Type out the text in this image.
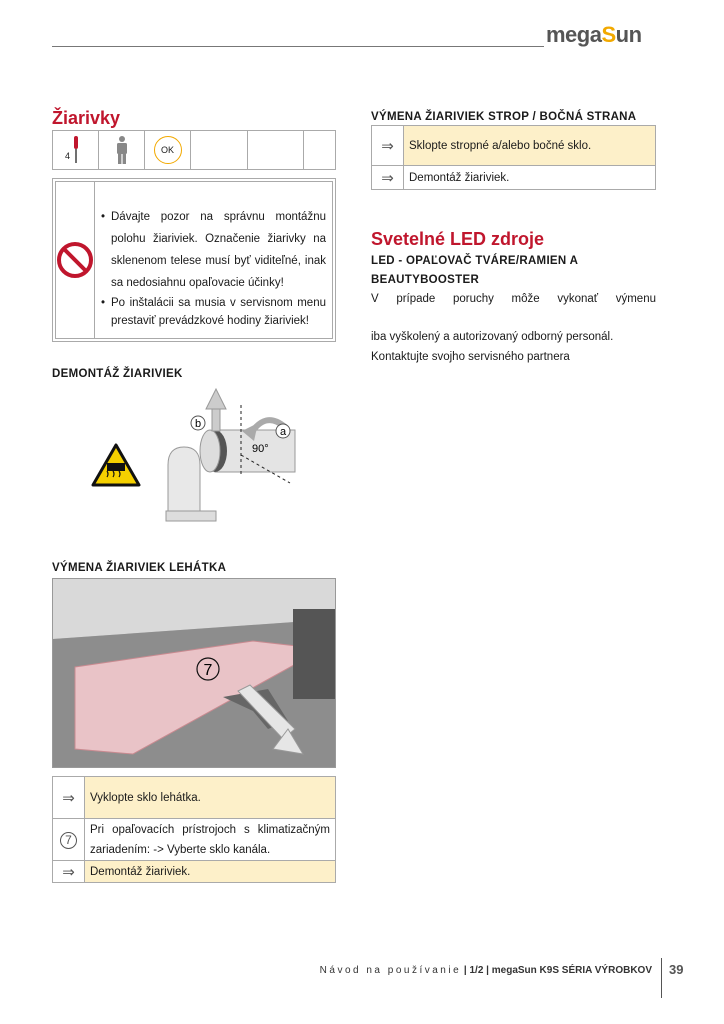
megaSun
Žiarivky
4
OK
• Dávajte pozor na správnu montážnu polohu žiariviek. Označenie žiarivky na sklenenom telese musí byť viditeľné, inak sa nedosiahnu opaľovacie účinky!
• Po inštalácii sa musia v servisnom menu prestaviť prevádzkové hodiny žiariviek!
DEMONTÁŽ ŽIARIVIEK
b
a
90°
VÝMENA ŽIARIVIEK LEHÁTKA
7
⇒	Vyklopte sklo lehátka.
7	Pri opaľovacích prístrojoch s klimatizačným zariadením: -> Vyberte sklo kanála.
⇒	Demontáž žiariviek.
VÝMENA ŽIARIVIEK STROP / BOČNÁ STRANA
⇒	Sklopte stropné a/alebo bočné sklo.
⇒	Demontáž žiariviek.
Svetelné LED zdroje
LED - OPAĽOVAČ TVÁRE/RAMIEN A BEAUTYBOOSTER
V prípade poruchy môže vykonať výmenu
iba vyškolený a autorizovaný odborný personál.
Kontaktujte svojho servisného partnera
Návod na používanie | 1/2 | megaSun K9S SÉRIA VÝROBKOV 39
